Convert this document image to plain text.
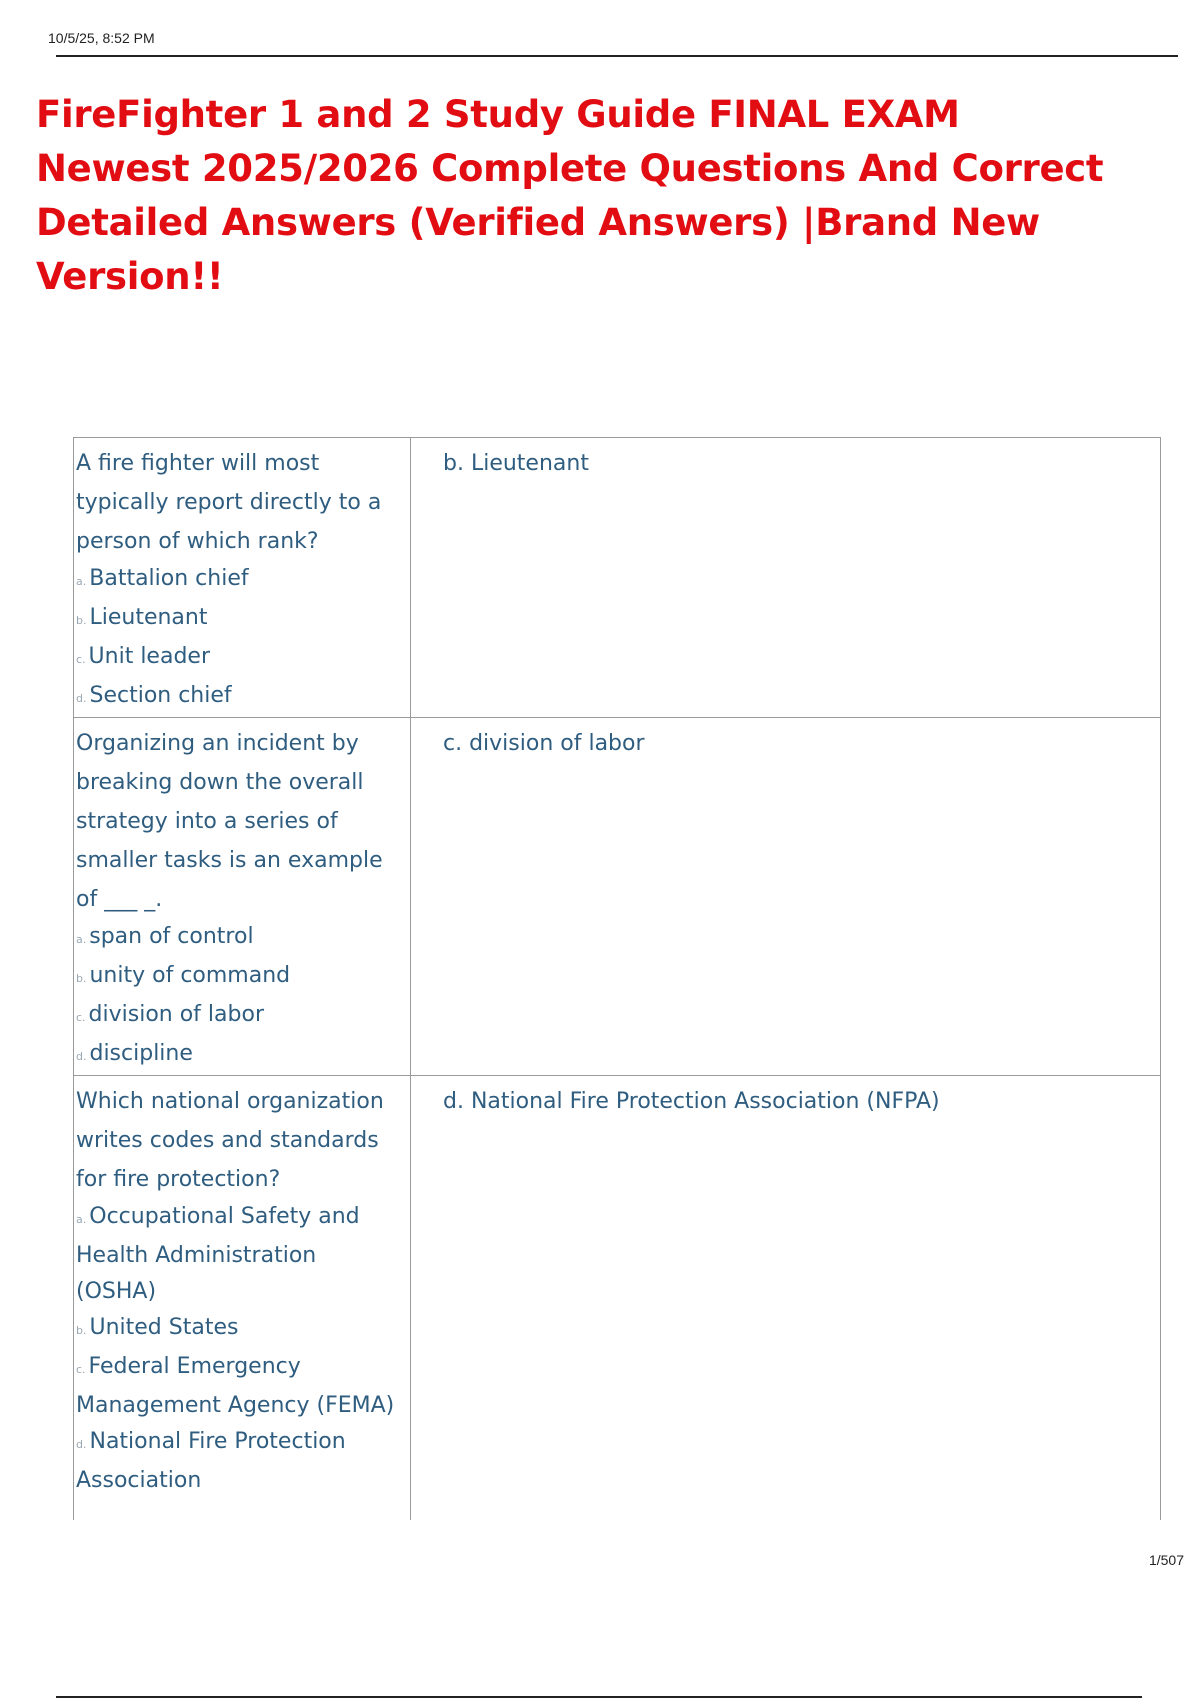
10/5/25, 8:52 PM
FireFighter 1 and 2 Study Guide FINAL EXAM Newest 2025/2026 Complete Questions And Correct Detailed Answers (Verified Answers) |Brand New Version!!
A fire fighter will most typically report directly to a person of which rank?
a. Battalion chief
b. Lieutenant
c. Unit leader
d. Section chief	b. Lieutenant

Organizing an incident by breaking down the overall strategy into a series of smaller tasks is an example of ___ _.
a. span of control
b. unity of command
c. division of labor
d. discipline	c. division of labor

Which national organization writes codes and standards for fire protection?
a. Occupational Safety and Health Administration (OSHA)
b. United States
c. Federal Emergency Management Agency (FEMA)
d. National Fire Protection Association	d. National Fire Protection Association (NFPA)
1/507
